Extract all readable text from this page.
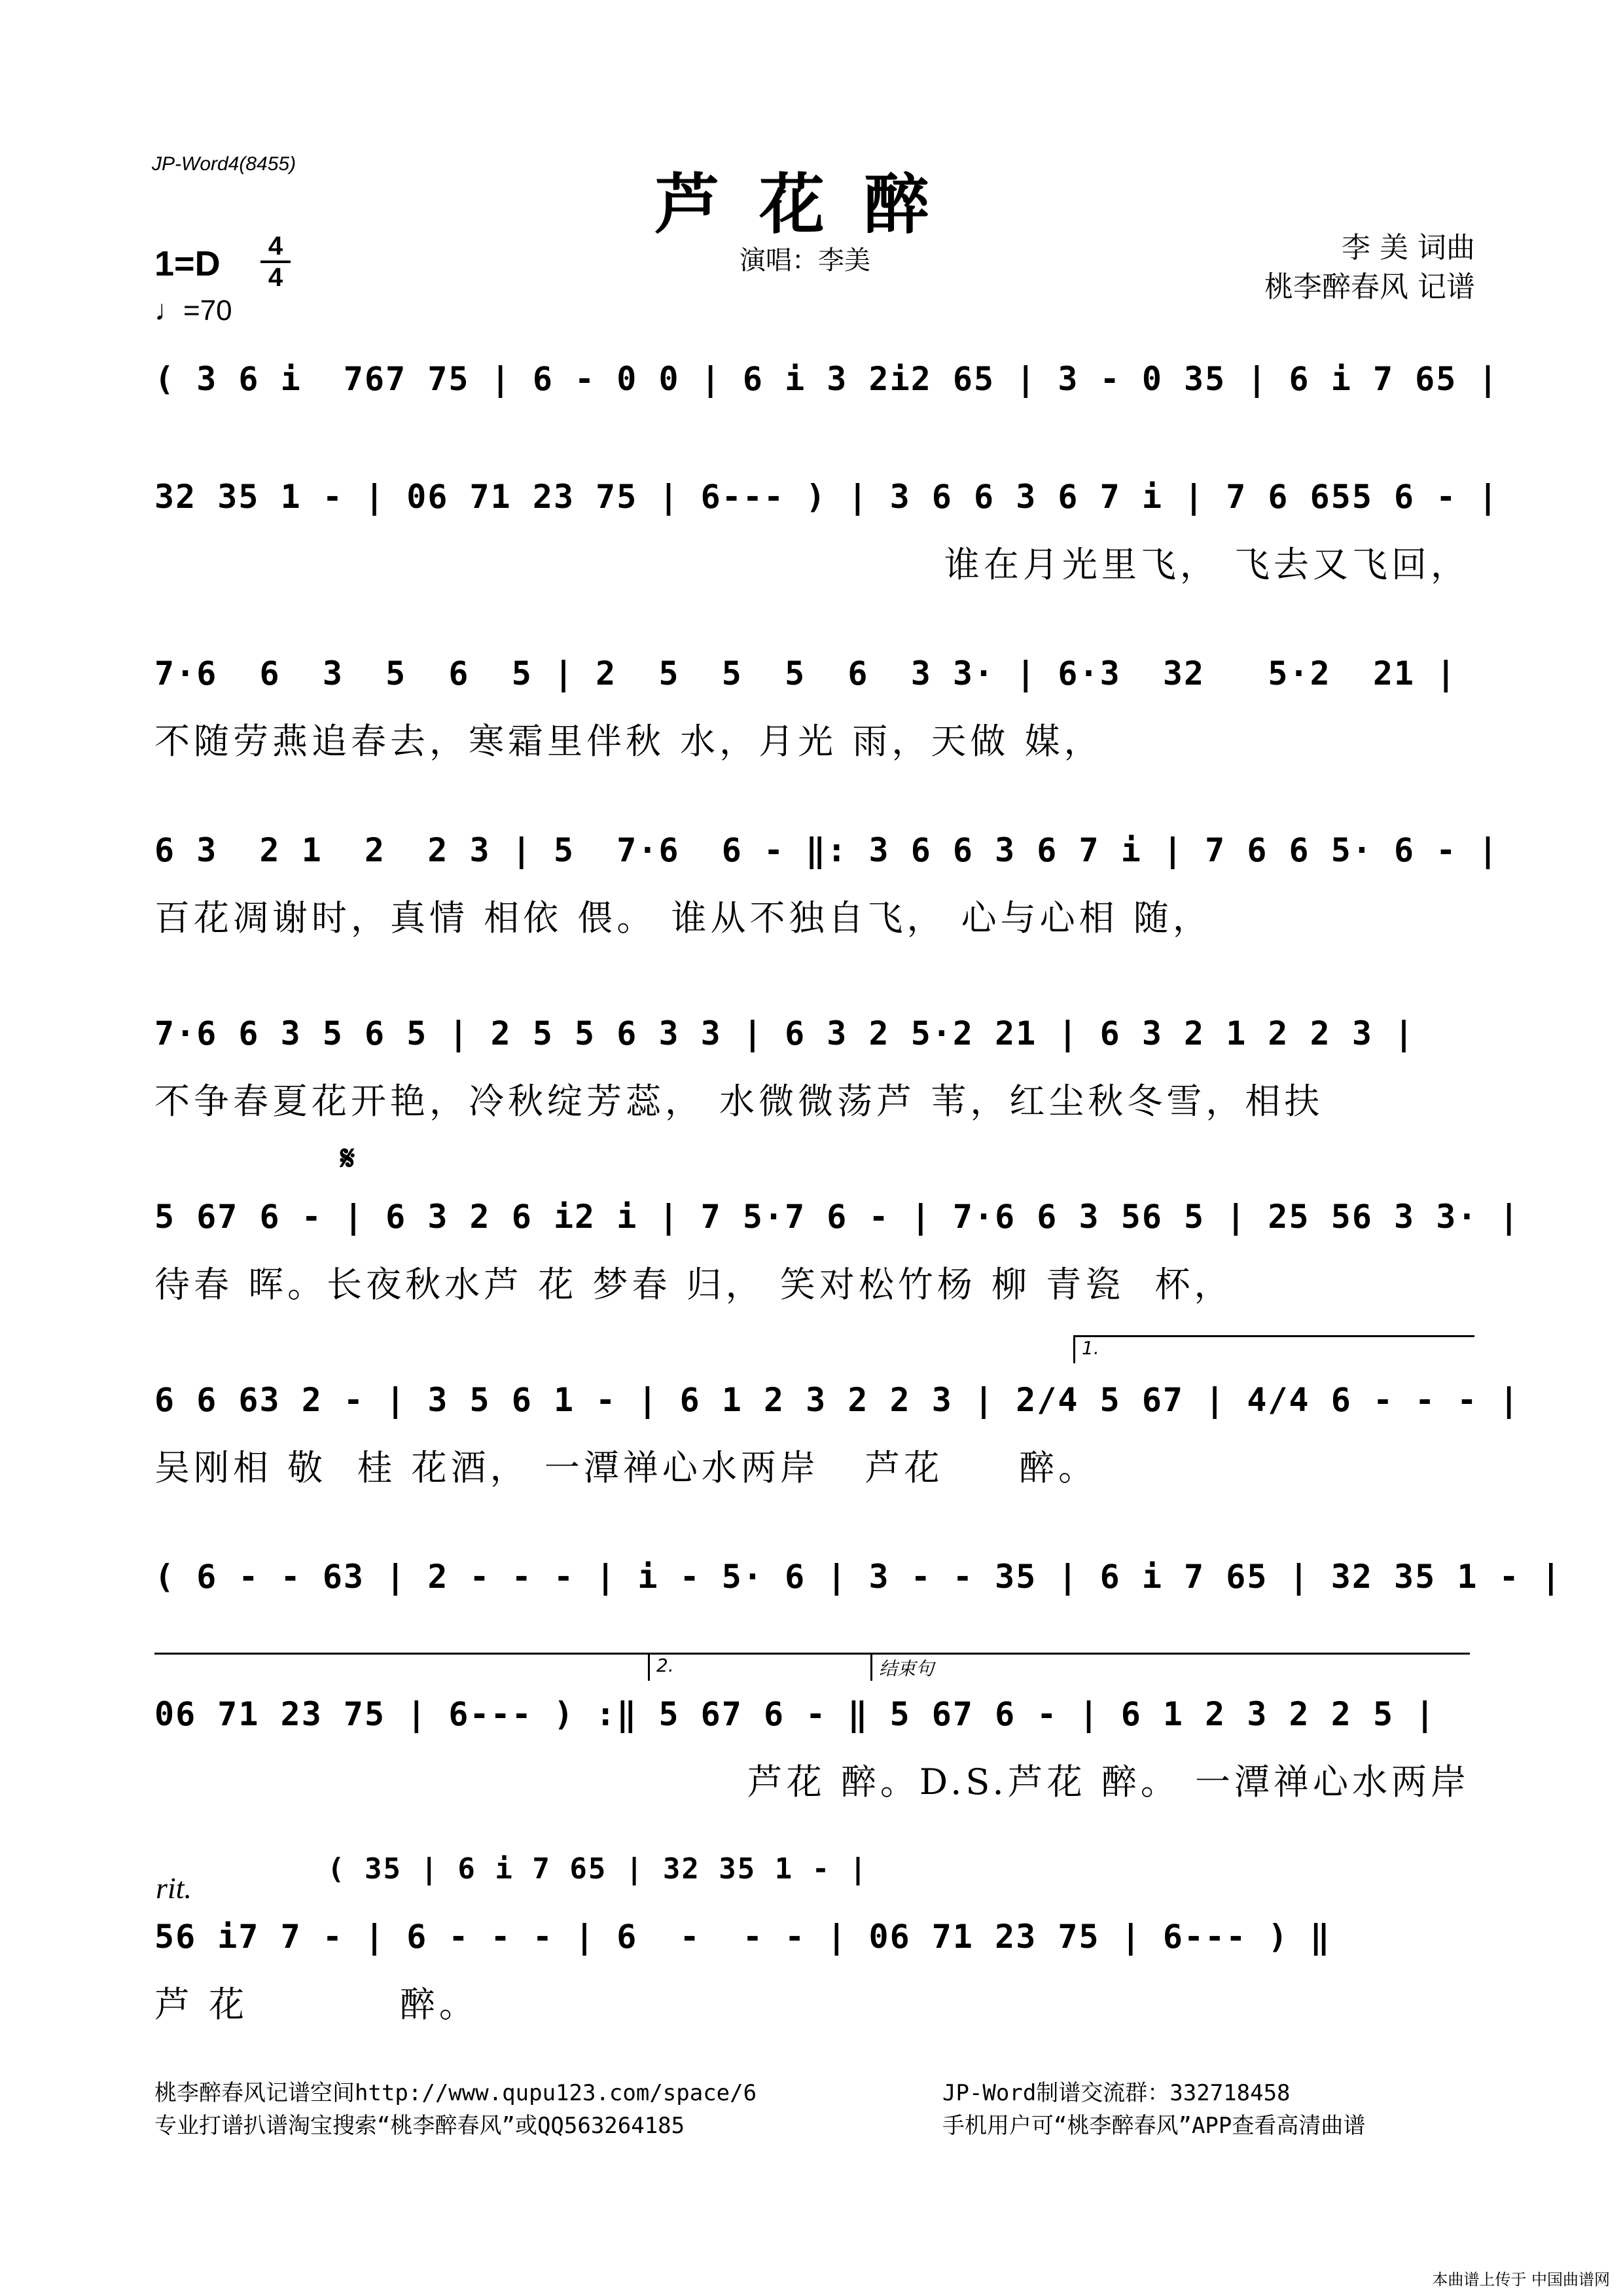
JP-Word4(8455)
芦花醉
演唱：李美	李 美 词曲
桃李醉春风 记谱
1=D 4
4
♩=70
( 3 6 i  767 75 | 6 - 0 0 | 6 i 3 2i2 65 | 3 - 0 35 | 6 i 7 65 |
32 35 1 - | 06 71 23 75 | 6--- ) | 3 6 6 3 6 7 i | 7 6 655 6 - |
谁在月光里飞， 飞去又飞回，
7·6  6  3  5  6  5 | 2  5  5  5  6  3 3· | 6·3  32   5·2  21 |
不随劳燕追春去，寒霜里伴秋 水，月光 雨，天做 媒，
6 3  2 1  2  2 3 | 5  7·6  6 - ‖: 3 6 6 3 6 7 i | 7 6 6 5· 6 - |
百花凋谢时，真情 相依 偎。 谁从不独自飞， 心与心相 随，
7·6 6 3 5 6 5 | 2 5 5 6 3 3 | 6 3 2 5·2 21 | 6 3 2 1 2 2 3 |
不争春夏花开艳，冷秋绽芳蕊， 水微微荡芦 苇，红尘秋冬雪，相扶
𝄋
5 67 6 - | 6 3 2 6 i2 i | 7 5·7 6 - | 7·6 6 3 56 5 | 25 56 3 3· |
待春 晖。长夜秋水芦 花 梦春 归， 笑对松竹杨 柳 青瓷  杯，
1.
6 6 63 2 - | 3 5 6 1 - | 6 1 2 3 2 2 3 | 2/4 5 67 | 4/4 6 - - - |
吴刚相 敬  桂 花酒， 一潭禅心水两岸   芦花     醉。
( 6 - - 63 | 2 - - - | i - 5· 6 | 3 - - 35 | 6 i 7 65 | 32 35 1 - |
2.	结束句
06 71 23 75 | 6--- ) :‖ 5 67 6 - ‖ 5 67 6 - | 6 1 2 3 2 2 5 |
芦花 醉。D.S.芦花 醉。 一潭禅心水两岸
( 35 | 6 i 7 65 | 32 35 1 - |
rit.
56 i7 7 - | 6 - - - | 6  -  - - | 06 71 23 75 | 6--- ) ‖
芦 花          醉。
桃李醉春风记谱空间http://www.qupu123.com/space/6
专业打谱扒谱淘宝搜索“桃李醉春风”或QQ563264185
JP-Word制谱交流群：332718458
手机用户可“桃李醉春风”APP查看高清曲谱
本曲谱上传于 中国曲谱网
